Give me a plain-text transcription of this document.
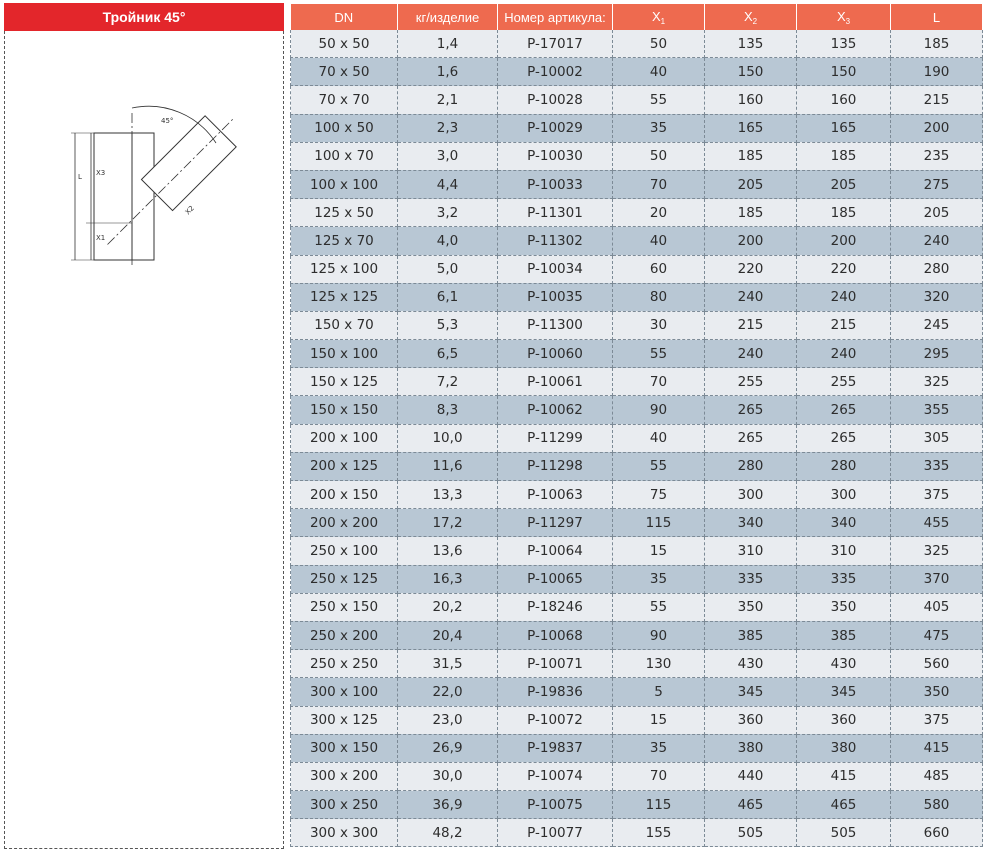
Тройник 45°
45°
L X3
X1
X2
DN	кг/изделие	Номер артикула:	$X_1$	$X_2$	$X_3$	L
50 x 50	1,4	P-17017	50	135	135	185
70 x 50	1,6	P-10002	40	150	150	190
70 x 70	2,1	P-10028	55	160	160	215
100 x 50	2,3	P-10029	35	165	165	200
100 x 70	3,0	P-10030	50	185	185	235
100 x 100	4,4	P-10033	70	205	205	275
125 x 50	3,2	P-11301	20	185	185	205
125 x 70	4,0	P-11302	40	200	200	240
125 x 100	5,0	P-10034	60	220	220	280
125 x 125	6,1	P-10035	80	240	240	320
150 x 70	5,3	P-11300	30	215	215	245
150 x 100	6,5	P-10060	55	240	240	295
150 x 125	7,2	P-10061	70	255	255	325
150 x 150	8,3	P-10062	90	265	265	355
200 x 100	10,0	P-11299	40	265	265	305
200 x 125	11,6	P-11298	55	280	280	335
200 x 150	13,3	P-10063	75	300	300	375
200 x 200	17,2	P-11297	115	340	340	455
250 x 100	13,6	P-10064	15	310	310	325
250 x 125	16,3	P-10065	35	335	335	370
250 x 150	20,2	P-18246	55	350	350	405
250 x 200	20,4	P-10068	90	385	385	475
250 x 250	31,5	P-10071	130	430	430	560
300 x 100	22,0	P-19836	5	345	345	350
300 x 125	23,0	P-10072	15	360	360	375
300 x 150	26,9	P-19837	35	380	380	415
300 x 200	30,0	P-10074	70	440	415	485
300 x 250	36,9	P-10075	115	465	465	580
300 x 300	48,2	P-10077	155	505	505	660
